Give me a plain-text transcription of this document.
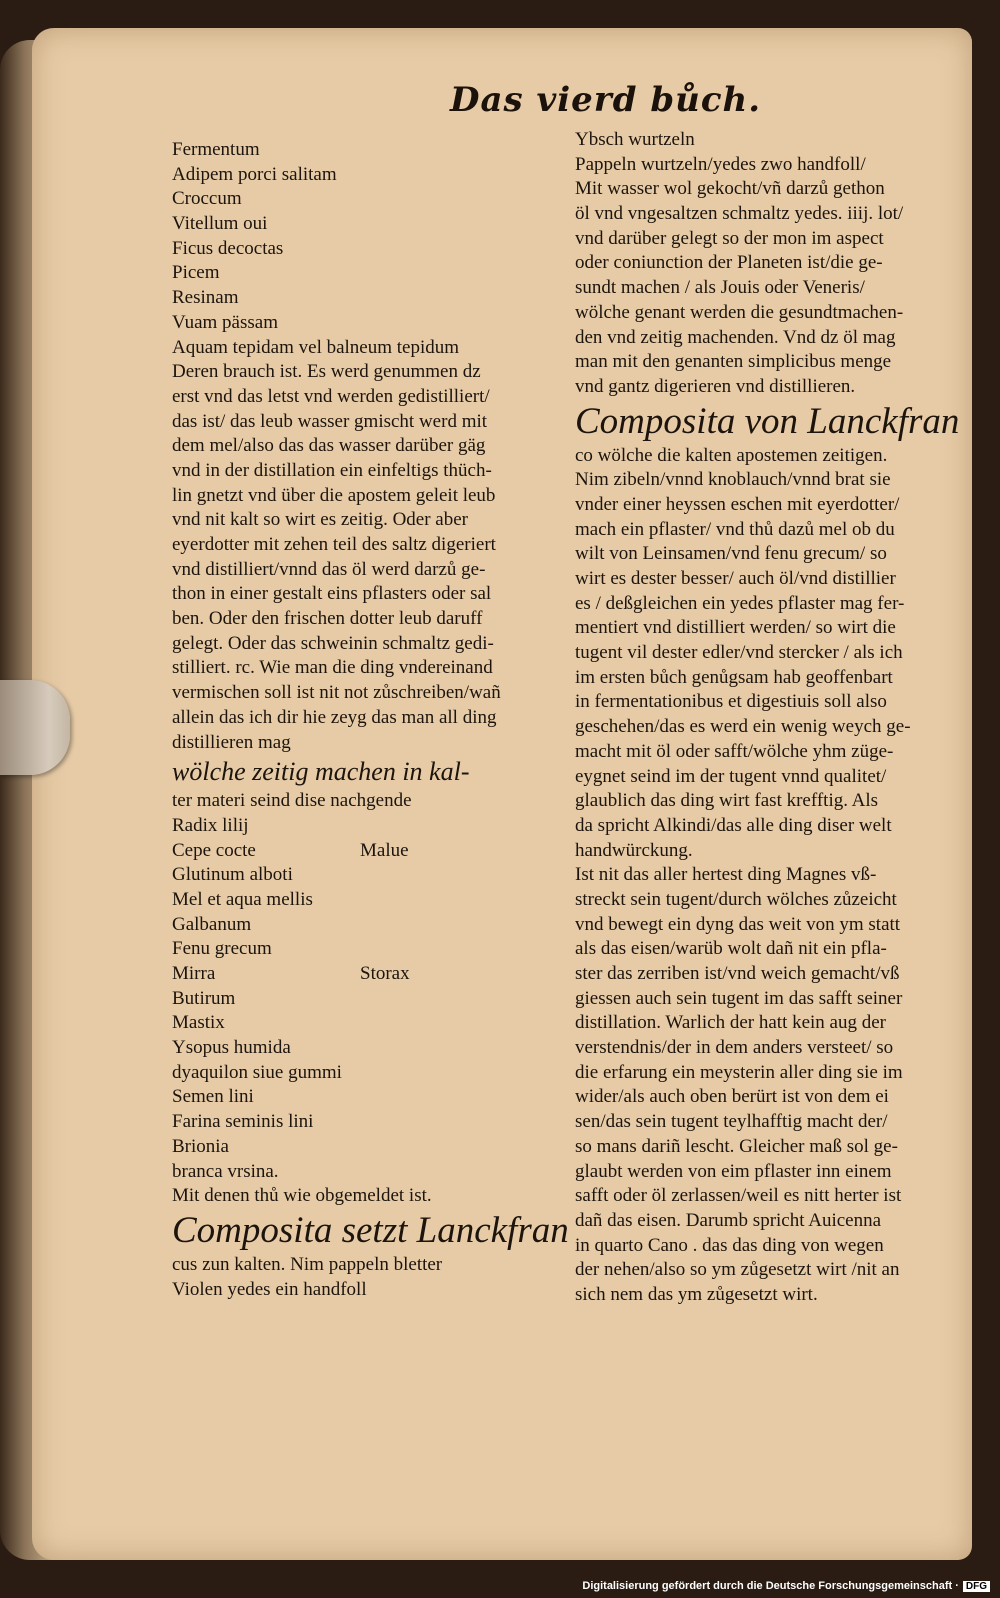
Das vierd bůch.
Fermentum
Adipem porci salitam
Croccum
Vitellum oui
Ficus decoctas
Picem
Resinam
Vuam pässam
Aquam tepidam vel balneum tepidum
Deren brauch ist. Es werd genummen dz
erst vnd das letst vnd werden gedistilliert/
das ist/ das leub wasser gmischt werd mit
dem mel/also das das wasser darüber gäg
vnd in der distillation ein einfeltigs thüch-
lin gnetzt vnd über die apostem geleit leub
vnd nit kalt so wirt es zeitig. Oder aber
eyerdotter mit zehen teil des saltz digeriert
vnd distilliert/vnnd das öl werd darzů ge-
thon in einer gestalt eins pflasters oder sal
ben. Oder den frischen dotter leub daruff
gelegt. Oder das schweinin schmaltz gedi-
stilliert. rc. Wie man die ding vndereinand
vermischen soll ist nit not zůschreiben/wañ
allein das ich dir hie zeyg das man all ding
distillieren mag
wölche zeitig machen in kal-
ter materi seind dise nachgende
Radix lilij
Cepe cocte	Malue
Glutinum alboti
Mel et aqua mellis
Galbanum
Fenu grecum
Mirra	Storax
Butirum
Mastix
Ysopus humida
dyaquilon siue gummi
Semen lini
Farina seminis lini
Brionia
branca vrsina.
Mit denen thů wie obgemeldet ist.
Composita setzt Lanckfran
cus zun kalten. Nim pappeln bletter
Violen yedes ein handfoll
Ybsch wurtzeln
Pappeln wurtzeln/yedes zwo handfoll/
Mit wasser wol gekocht/vñ darzů gethon
öl vnd vngesaltzen schmaltz yedes. iiij. lot/
vnd darüber gelegt so der mon im aspect
oder coniunction der Planeten ist/die ge-
sundt machen / als Jouis oder Veneris/
wölche genant werden die gesundtmachen-
den vnd zeitig machenden. Vnd dz öl mag
man mit den genanten simplicibus menge
vnd gantz digerieren vnd distillieren.
Composita von Lanckfran
co wölche die kalten apostemen zeitigen.
Nim zibeln/vnnd knoblauch/vnnd brat sie
vnder einer heyssen eschen mit eyerdotter/
mach ein pflaster/ vnd thů dazů mel ob du
wilt von Leinsamen/vnd fenu grecum/ so
wirt es dester besser/ auch öl/vnd distillier
es / deßgleichen ein yedes pflaster mag fer-
mentiert vnd distilliert werden/ so wirt die
tugent vil dester edler/vnd stercker / als ich
im ersten bůch genůgsam hab geoffenbart
in fermentationibus et digestiuis soll also
geschehen/das es werd ein wenig weych ge-
macht mit öl oder safft/wölche yhm züge-
eygnet seind im der tugent vnnd qualitet/
glaublich das ding wirt fast krefftig. Als
da spricht Alkindi/das alle ding diser welt
handwürckung.
Ist nit das aller hertest ding Magnes vß-
streckt sein tugent/durch wölches zůzeicht
vnd bewegt ein dyng das weit von ym statt
als das eisen/warüb wolt dañ nit ein pfla-
ster das zerriben ist/vnd weich gemacht/vß
giessen auch sein tugent im das safft seiner
distillation. Warlich der hatt kein aug der
verstendnis/der in dem anders versteet/ so
die erfarung ein meysterin aller ding sie im
wider/als auch oben berürt ist von dem ei
sen/das sein tugent teylhafftig macht der/
so mans dariñ lescht. Gleicher maß sol ge-
glaubt werden von eim pflaster inn einem
safft oder öl zerlassen/weil es nitt herter ist
dañ das eisen. Darumb spricht Auicenna
in quarto Cano . das das ding von wegen
der nehen/also so ym zůgesetzt wirt /nit an
sich nem das ym zůgesetzt wirt.
Digitalisierung gefördert durch die Deutsche Forschungsgemeinschaft · DFG
